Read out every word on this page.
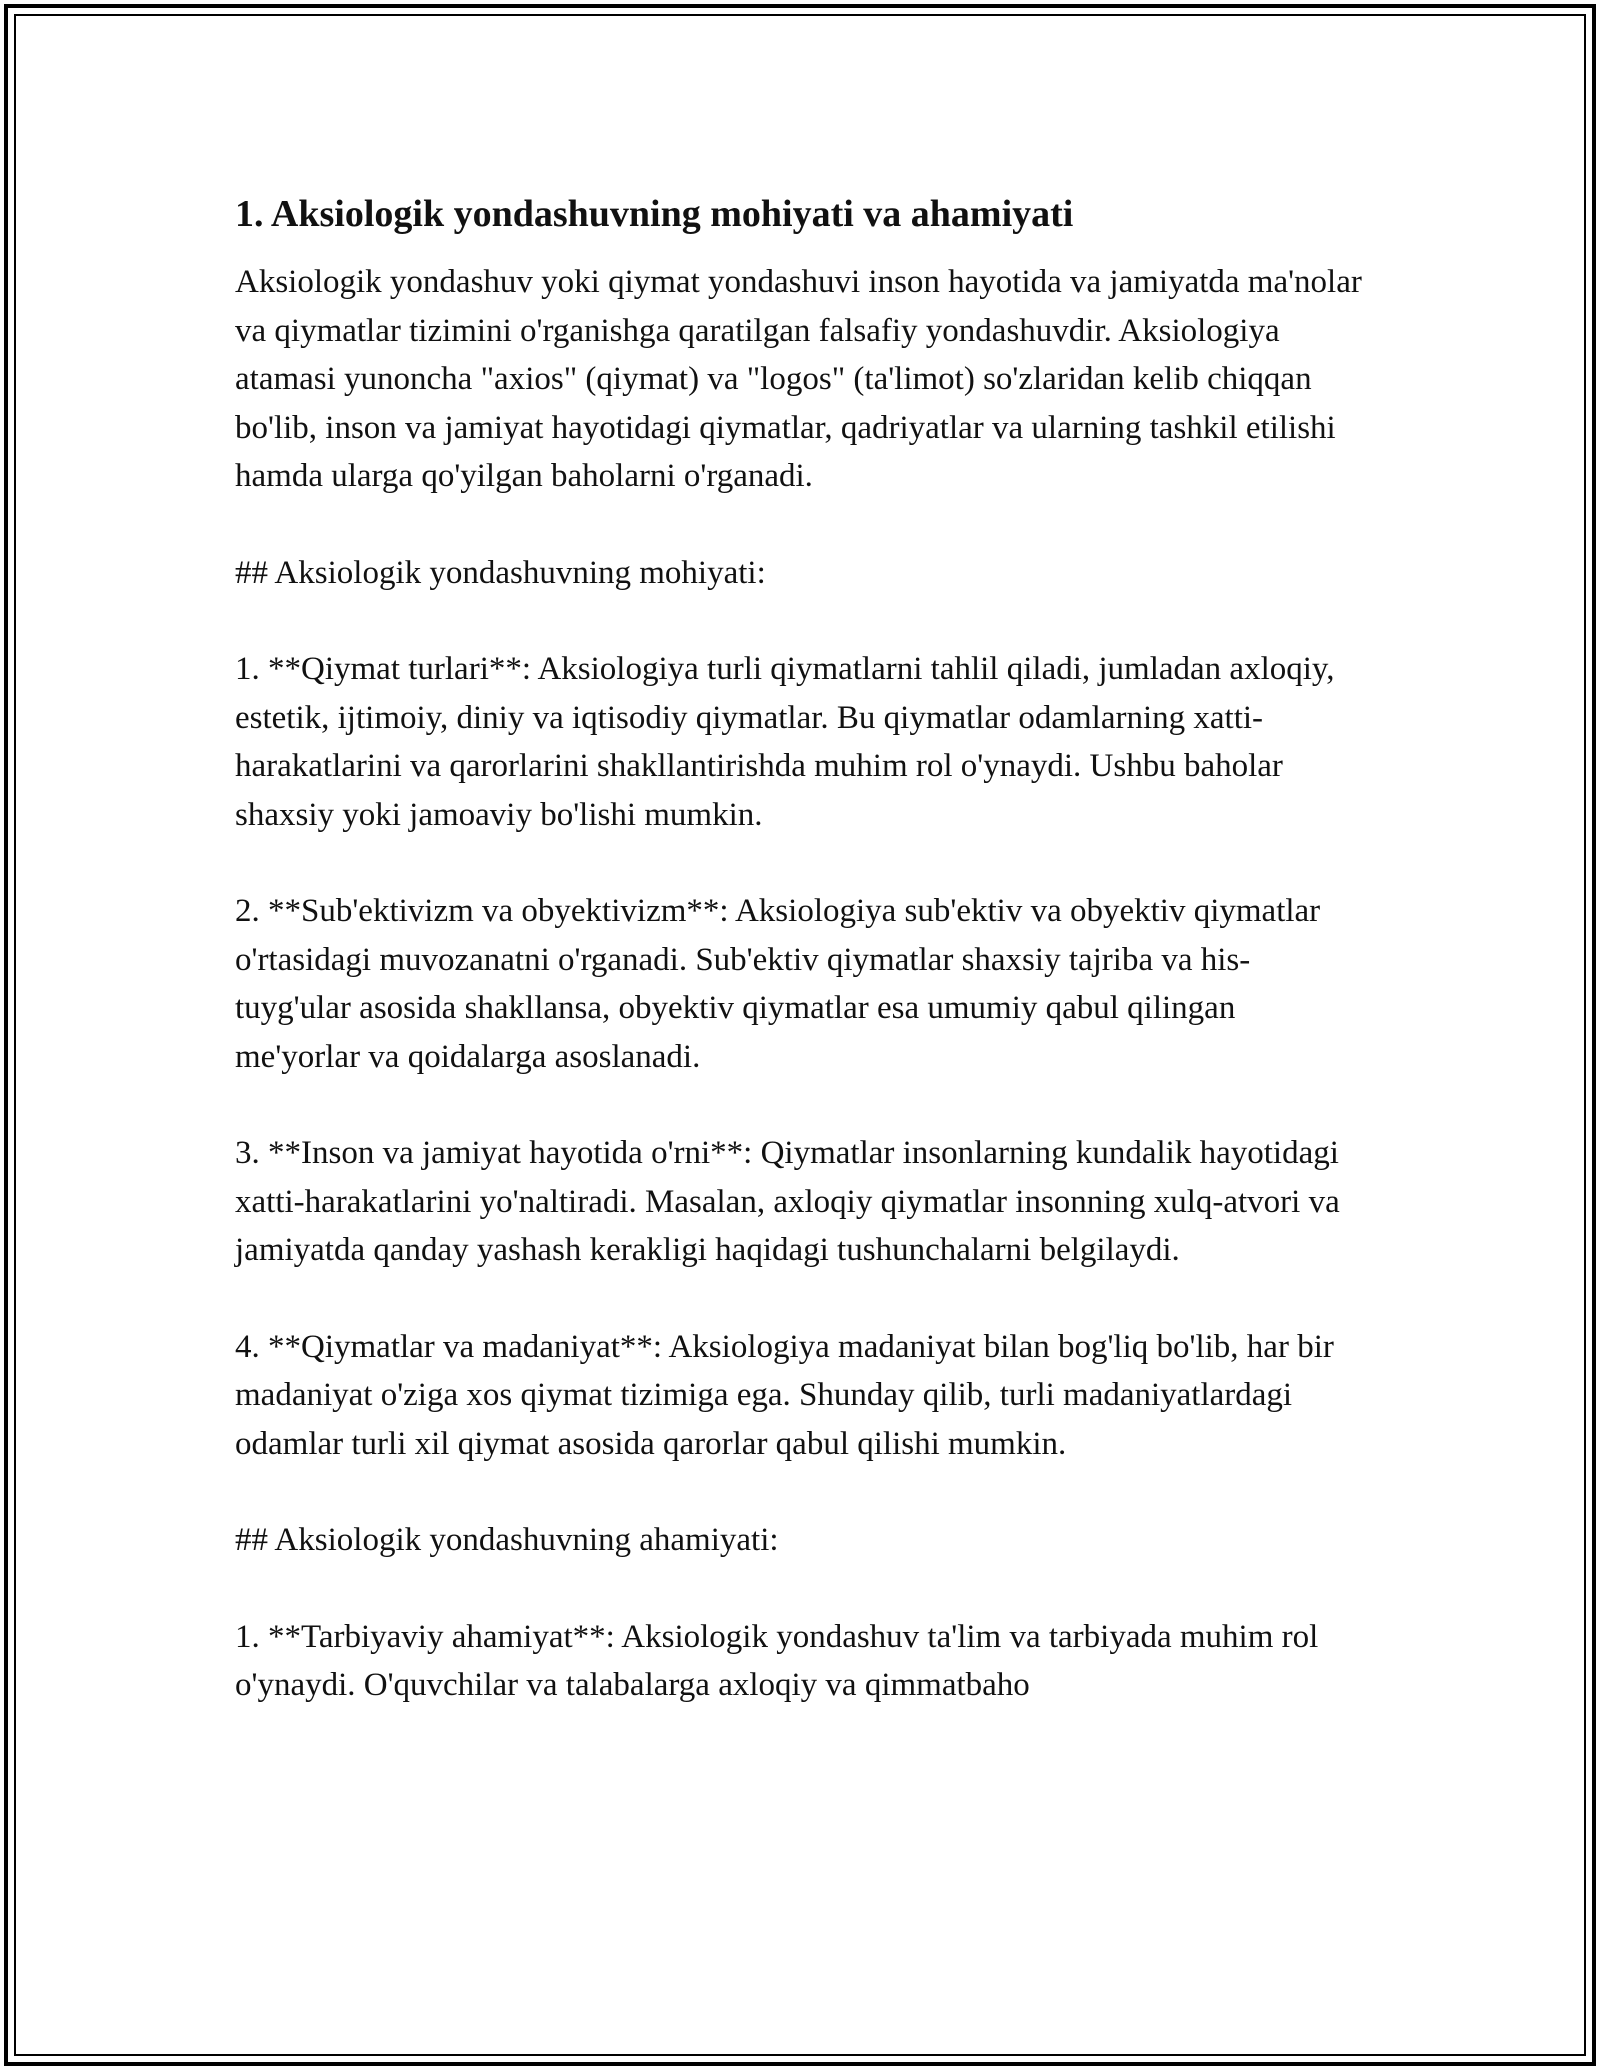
1. Aksiologik yondashuvning mohiyati va ahamiyati

Aksiologik yondashuv yoki qiymat yondashuvi inson hayotida va jamiyatda ma'nolar va qiymatlar tizimini o'rganishga qaratilgan falsafiy yondashuvdir. Aksiologiya atamasi yunoncha "axios" (qiymat) va "logos" (ta'limot) so'zlaridan kelib chiqqan bo'lib, inson va jamiyat hayotidagi qiymatlar, qadriyatlar va ularning tashkil etilishi hamda ularga qo'yilgan baholarni o'rganadi.

## Aksiologik yondashuvning mohiyati:

1. **Qiymat turlari**: Aksiologiya turli qiymatlarni tahlil qiladi, jumladan axloqiy, estetik, ijtimoiy, diniy va iqtisodiy qiymatlar. Bu qiymatlar odamlarning xatti-harakatlarini va qarorlarini shakllantirishda muhim rol o'ynaydi. Ushbu baholar shaxsiy yoki jamoaviy bo'lishi mumkin.

2. **Sub'ektivizm va obyektivizm**: Aksiologiya sub'ektiv va obyektiv qiymatlar o'rtasidagi muvozanatni o'rganadi. Sub'ektiv qiymatlar shaxsiy tajriba va his-tuyg'ular asosida shakllansa, obyektiv qiymatlar esa umumiy qabul qilingan me'yorlar va qoidalarga asoslanadi.

3. **Inson va jamiyat hayotida o'rni**: Qiymatlar insonlarning kundalik hayotidagi xatti-harakatlarini yo'naltiradi. Masalan, axloqiy qiymatlar insonning xulq-atvori va jamiyatda qanday yashash kerakligi haqidagi tushunchalarni belgilaydi.

4. **Qiymatlar va madaniyat**: Aksiologiya madaniyat bilan bog'liq bo'lib, har bir madaniyat o'ziga xos qiymat tizimiga ega. Shunday qilib, turli madaniyatlardagi odamlar turli xil qiymat asosida qarorlar qabul qilishi mumkin.

## Aksiologik yondashuvning ahamiyati:

1. **Tarbiyaviy ahamiyat**: Aksiologik yondashuv ta'lim va tarbiyada muhim rol o'ynaydi. O'quvchilar va talabalarga axloqiy va qimmatbaho
